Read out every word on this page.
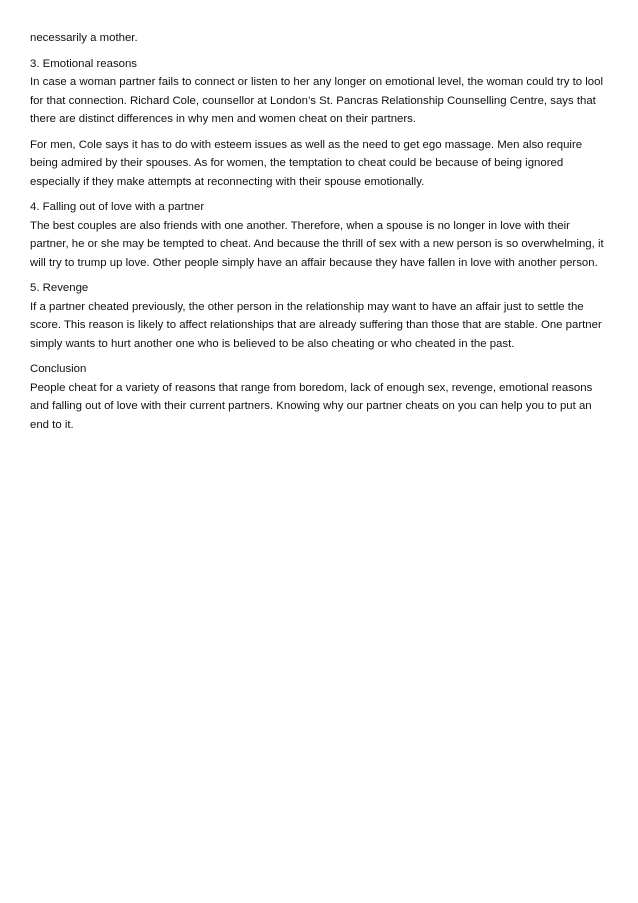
necessarily a mother.

3. Emotional reasons
In case a woman partner fails to connect or listen to her any longer on emotional level, the woman could try to lool
for that connection. Richard Cole, counsellor at London’s St. Pancras Relationship Counselling Centre, says that
there are distinct differences in why men and women cheat on their partners.

For men, Cole says it has to do with esteem issues as well as the need to get ego massage. Men also require
being admired by their spouses. As for women, the temptation to cheat could be because of being ignored
especially if they make attempts at reconnecting with their spouse emotionally.

4. Falling out of love with a partner
The best couples are also friends with one another. Therefore, when a spouse is no longer in love with their
partner, he or she may be tempted to cheat. And because the thrill of sex with a new person is so overwhelming, it
will try to trump up love. Other people simply have an affair because they have fallen in love with another person.

5. Revenge
If a partner cheated previously, the other person in the relationship may want to have an affair just to settle the
score. This reason is likely to affect relationships that are already suffering than those that are stable. One partner
simply wants to hurt another one who is believed to be also cheating or who cheated in the past.

Conclusion
People cheat for a variety of reasons that range from boredom, lack of enough sex, revenge, emotional reasons
and falling out of love with their current partners. Knowing why our partner cheats on you can help you to put an
end to it.
